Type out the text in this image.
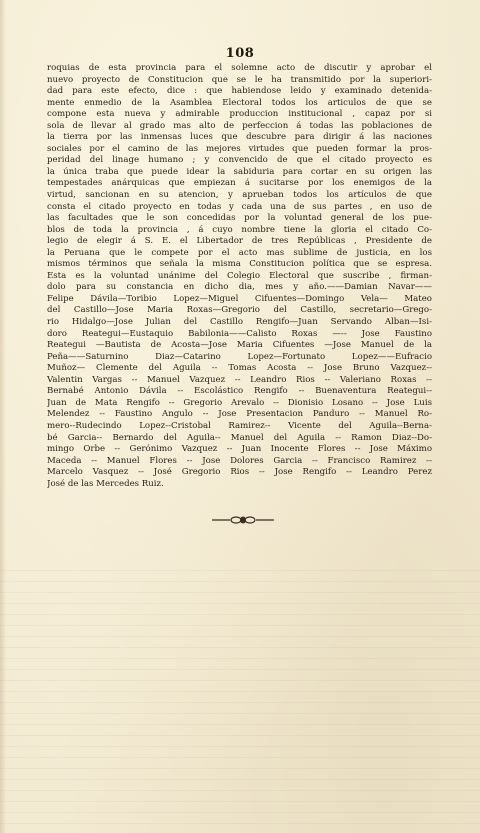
108
roquias de esta provincia para el solemne acto de discutir y aprobar el
nuevo proyecto de Constitucion que se le ha transmitido por la superiori-
dad para este efecto, dice : que habiendose leido y examinado detenida-
mente enmedio de la Asamblea Electoral todos los articulos de que se
compone esta nueva y admirable produccion institucional , capaz por si
sola de llevar al grado mas alto de perfeccion á todas las poblaciones de
la tierra por las inmensas luces que descubre para dirigir á las naciones
sociales por el camino de las mejores virtudes que pueden formar la pros-
peridad del linage humano ; y convencido de que el citado proyecto es
la única traba que puede idear la sabiduria para cortar en su origen las
tempestades anárquicas que empiezan á sucitarse por los enemigos de la
virtud, sancionan en su atencion, y aprueban todos los artículos de que
consta el citado proyecto en todas y cada una de sus partes , en uso de
las facultades que le son concedidas por la voluntad general de los pue-
blos de toda la provincia , á cuyo nombre tiene la gloria el citado Co-
legio de elegir á S. E. el Libertador de tres Repúblicas , Presidente de
la Peruana que le compete por el acto mas sublime de justicia, en los
mismos términos que señala la misma Constitucion política que se espresa.
Esta es la voluntad unánime del Colegio Electoral que suscribe , firman-
dolo para su constancia en dicho dia, mes y año.——Damian Navar——
Felipe Dávila—Toribio Lopez—Miguel Cifuentes—Domingo Vela— Mateo
del Castillo—Jose Maria Roxas—Gregorio del Castillo, secretario—Grego-
rio Hidalgo—Jose Julian del Castillo Rengifo—Juan Servando Alban—Isi-
doro Reategui—Eustaquio Babilonia——Calisto Roxas —-- Jose Faustino
Reategui —Bautista de Acosta—Jose Maria Cifuentes —Jose Manuel de la
Peña——Saturnino Diaz—Catarino Lopez—Fortunato Lopez——Eufracio
Muñoz— Clemente del Aguila -- Tomas Acosta -- Jose Bruno Vazquez--
Valentin Vargas -- Manuel Vazquez -- Leandro Rios -- Valeriano Roxas --
Bernabé Antonio Dávila -- Escolástico Rengifo -- Buenaventura Reategui--
Juan de Mata Rengifo -- Gregorio Arevalo -- Dionisio Losano -- Jose Luis
Melendez -- Faustino Angulo -- Jose Presentacion Panduro -- Manuel Ro-
mero--Rudecindo Lopez--Cristobal Ramirez-- Vicente del Aguila--Berna-
bé Garcia-- Bernardo del Aguila-- Manuel del Aguila -- Ramon Diaz--Do-
mingo Orbe -- Gerónimo Vazquez -- Juan Inocente Flores -- Jose Máximo
Maceda -- Manuel Flores -- Jose Dolores Garcia -- Francisco Ramirez --
Marcelo Vasquez -- José Gregorio Rios -- Jose Rengifo -- Leandro Perez
José de las Mercedes Ruiz.
